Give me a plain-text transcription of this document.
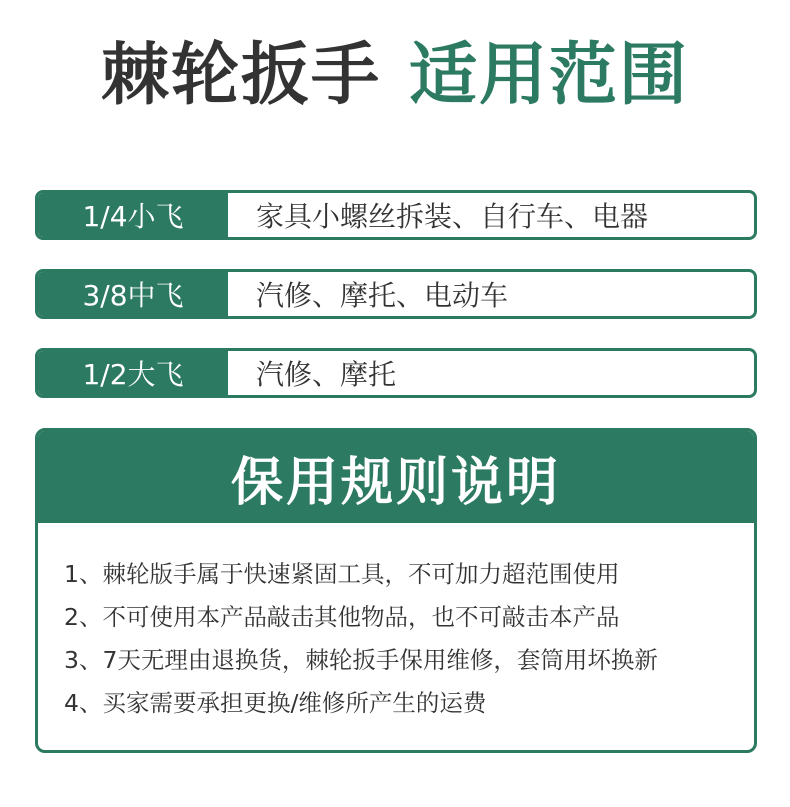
棘轮扳手 适用范围
1/4小飞	家具小螺丝拆装、自行车、电器
3/8中飞	汽修、摩托、电动车
1/2大飞	汽修、摩托
保用规则说明
1、棘轮版手属于快速紧固工具，不可加力超范围使用
2、不可使用本产品敲击其他物品，也不可敲击本产品
3、7天无理由退换货，棘轮扳手保用维修，套筒用坏换新
4、买家需要承担更换/维修所产生的运费
